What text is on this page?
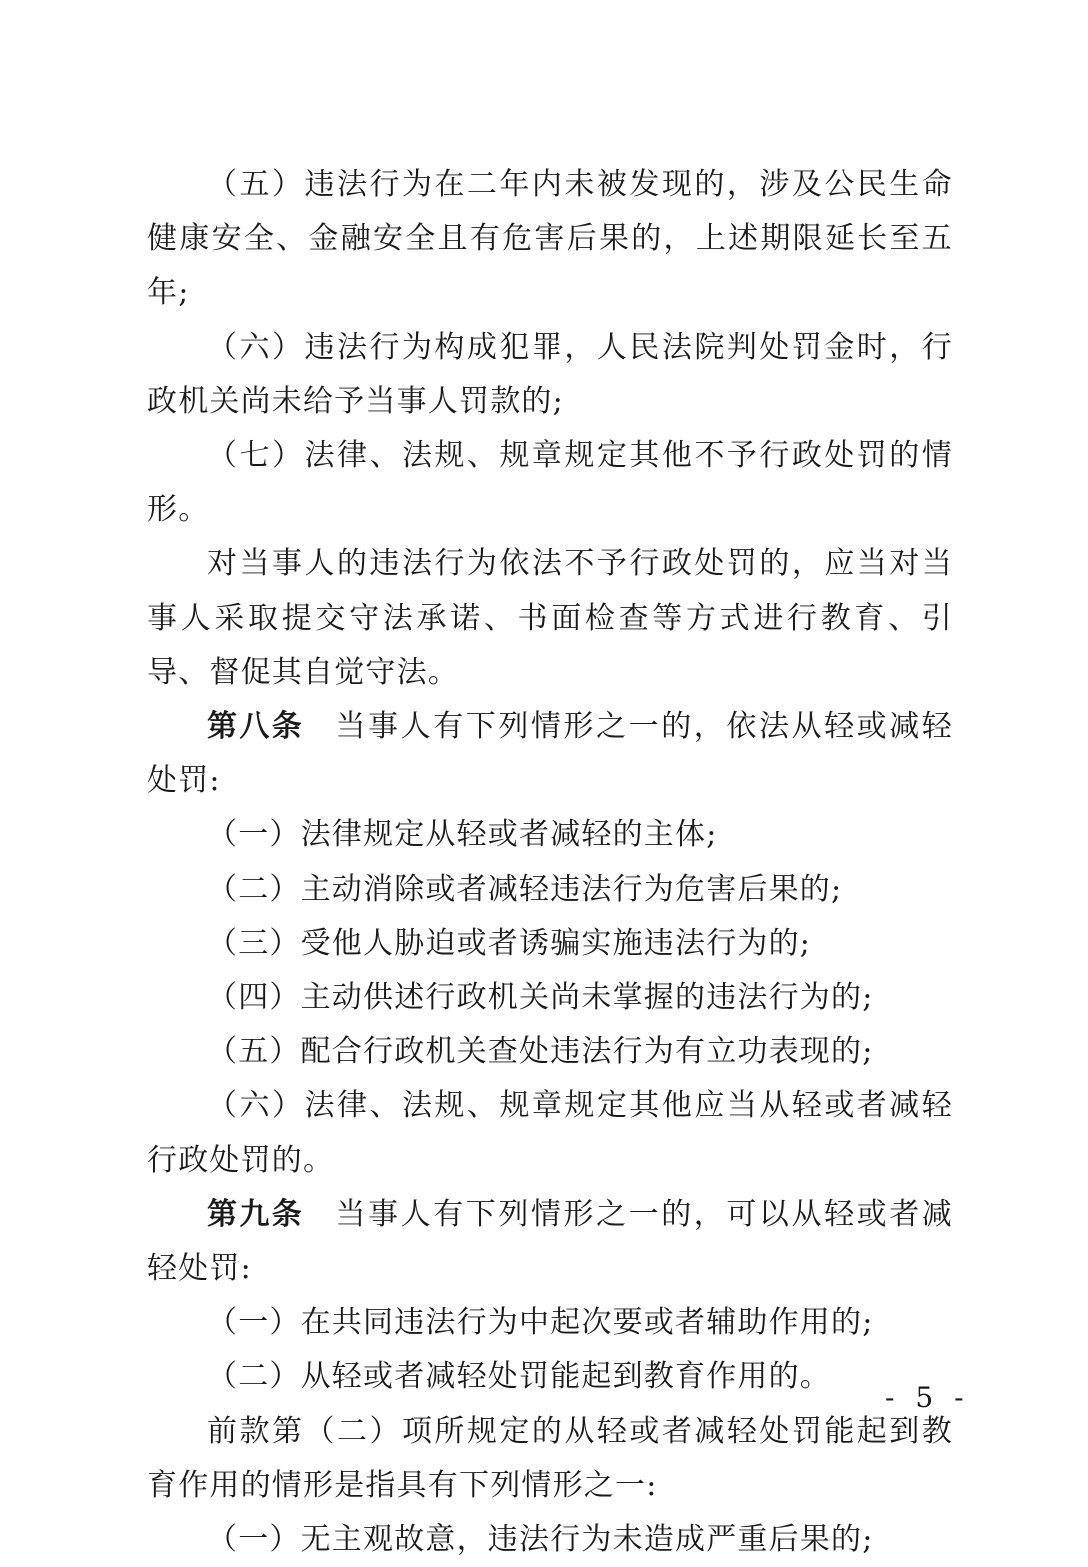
（五）违法行为在二年内未被发现的，涉及公民生命健康安全、金融安全且有危害后果的，上述期限延长至五年;

（六）违法行为构成犯罪，人民法院判处罚金时，行政机关尚未给予当事人罚款的;

（七）法律、法规、规章规定其他不予行政处罚的情形。

对当事人的违法行为依法不予行政处罚的，应当对当事人采取提交守法承诺、书面检查等方式进行教育、引导、督促其自觉守法。

第八条 当事人有下列情形之一的，依法从轻或减轻处罚:

（一）法律规定从轻或者减轻的主体;

（二）主动消除或者减轻违法行为危害后果的;

（三）受他人胁迫或者诱骗实施违法行为的;

（四）主动供述行政机关尚未掌握的违法行为的;

（五）配合行政机关查处违法行为有立功表现的;

（六）法律、法规、规章规定其他应当从轻或者减轻行政处罚的。

第九条 当事人有下列情形之一的，可以从轻或者减轻处罚:

（一）在共同违法行为中起次要或者辅助作用的;

（二）从轻或者减轻处罚能起到教育作用的。

前款第（二）项所规定的从轻或者减轻处罚能起到教育作用的情形是指具有下列情形之一:

（一）无主观故意，违法行为未造成严重后果的;

- 5 -
